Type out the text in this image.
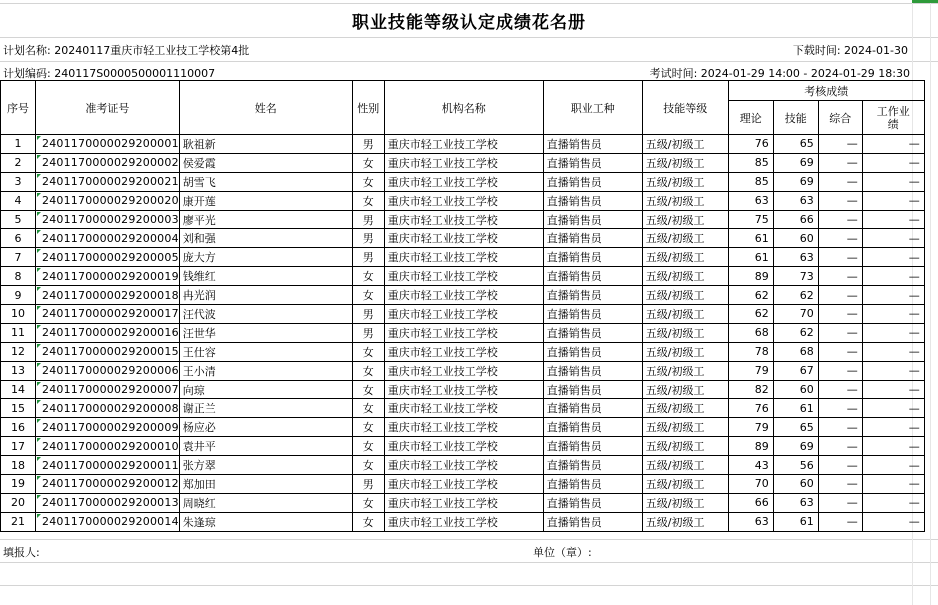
职业技能等级认定成绩花名册
计划名称: 20240117重庆市轻工业技工学校第4批	下载时间: 2024-01-30
计划编码: 240117S0000500001110007	考试时间: 2024-01-29 14:00 - 2024-01-29 18:30
序号	准考证号	姓名	性别	机构名称	职业工种	技能等级	考核成绩			
							理论	技能	综合	工作业绩
1	2401170000029200001	耿祖新	男	重庆市轻工业技工学校	直播销售员	五级/初级工	76	65	—	—
2	2401170000029200002	侯爱霞	女	重庆市轻工业技工学校	直播销售员	五级/初级工	85	69	—	—
3	2401170000029200021	胡雪飞	女	重庆市轻工业技工学校	直播销售员	五级/初级工	85	69	—	—
4	2401170000029200020	康开莲	女	重庆市轻工业技工学校	直播销售员	五级/初级工	63	63	—	—
5	2401170000029200003	廖平光	男	重庆市轻工业技工学校	直播销售员	五级/初级工	75	66	—	—
6	2401170000029200004	刘和强	男	重庆市轻工业技工学校	直播销售员	五级/初级工	61	60	—	—
7	2401170000029200005	庞大方	男	重庆市轻工业技工学校	直播销售员	五级/初级工	61	63	—	—
8	2401170000029200019	钱维红	女	重庆市轻工业技工学校	直播销售员	五级/初级工	89	73	—	—
9	2401170000029200018	冉光润	女	重庆市轻工业技工学校	直播销售员	五级/初级工	62	62	—	—
10	2401170000029200017	汪代波	男	重庆市轻工业技工学校	直播销售员	五级/初级工	62	70	—	—
11	2401170000029200016	汪世华	男	重庆市轻工业技工学校	直播销售员	五级/初级工	68	62	—	—
12	2401170000029200015	王仕容	女	重庆市轻工业技工学校	直播销售员	五级/初级工	78	68	—	—
13	2401170000029200006	王小清	女	重庆市轻工业技工学校	直播销售员	五级/初级工	79	67	—	—
14	2401170000029200007	向琼	女	重庆市轻工业技工学校	直播销售员	五级/初级工	82	60	—	—
15	2401170000029200008	谢正兰	女	重庆市轻工业技工学校	直播销售员	五级/初级工	76	61	—	—
16	2401170000029200009	杨应必	女	重庆市轻工业技工学校	直播销售员	五级/初级工	79	65	—	—
17	2401170000029200010	袁井平	女	重庆市轻工业技工学校	直播销售员	五级/初级工	89	69	—	—
18	2401170000029200011	张方翠	女	重庆市轻工业技工学校	直播销售员	五级/初级工	43	56	—	—
19	2401170000029200012	郑加田	男	重庆市轻工业技工学校	直播销售员	五级/初级工	70	60	—	—
20	2401170000029200013	周晓红	女	重庆市轻工业技工学校	直播销售员	五级/初级工	66	63	—	—
21	2401170000029200014	朱逢琼	女	重庆市轻工业技工学校	直播销售员	五级/初级工	63	61	—	—
填报人:	单位（章）:
